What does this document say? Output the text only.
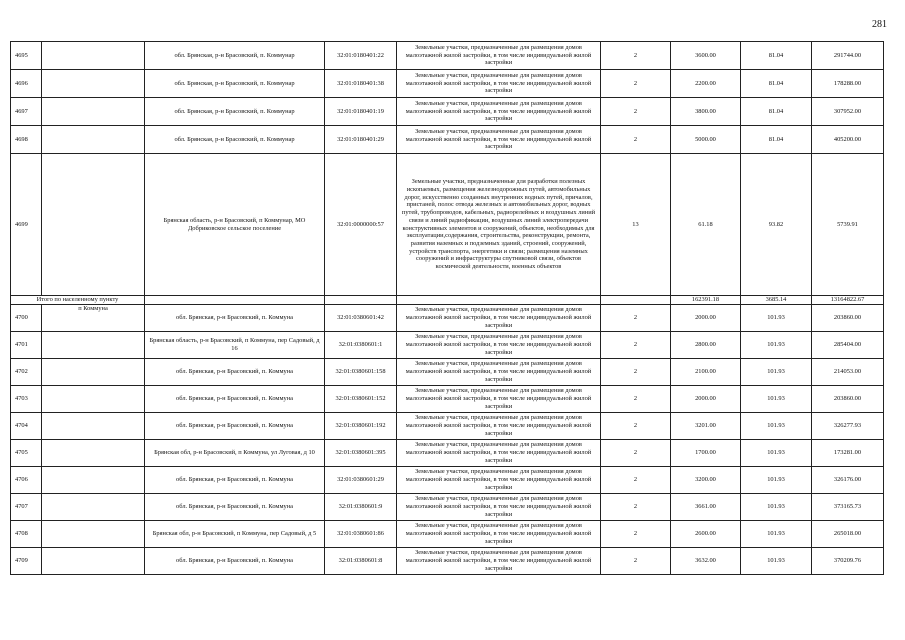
281
4695		обл. Брянская, р-н Брасовский, п. Коммунар	32:01:0180401:22	Земельные участки, предназначенные для размещения домов малоэтажной жилой застройки, в том числе индивидуальной жилой застройки	2	3600.00	81.04	291744.00
4696		обл. Брянская, р-н Брасовский, п. Коммунар	32:01:0180401:38	Земельные участки, предназначенные для размещения домов малоэтажной жилой застройки, в том числе индивидуальной жилой застройки	2	2200.00	81.04	178288.00
4697		обл. Брянская, р-н Брасовский, п. Коммунар	32:01:0180401:19	Земельные участки, предназначенные для размещения домов малоэтажной жилой застройки, в том числе индивидуальной жилой застройки	2	3800.00	81.04	307952.00
4698		обл. Брянская, р-н Брасовский, п. Коммунар	32:01:0180401:29	Земельные участки, предназначенные для размещения домов малоэтажной жилой застройки, в том числе индивидуальной жилой застройки	2	5000.00	81.04	405200.00
4699		Брянская область, р-н Брасовский, п Коммунар, МО Добриковское сельское поселение	32:01:0000000:57	Земельные участки, предназначенные для разработки полезных ископаемых, размещения железнодорожных путей, автомобильных дорог, искусственно созданных внутренних водных путей, причалов, пристаней, полос отвода железных и автомобильных дорог, водных путей, трубопроводов, кабельных, радиорелейных и воздушных линий связи и линий радиофикации, воздушных линий электропередачи конструктивных элементов и сооружений, объектов, необходимых для эксплуатации,содержания, строительства, реконструкции, ремонта, развития наземных и подземных зданий, строений, сооружений, устройств транспорта, энергетики и связи; размещения наземных сооружений и инфраструктуры спутниковой связи, объектов космической деятельности, военных объектов	13	61.18	93.82	5739.91
Итого по населенному пункту						162391.18	3685.14	13164822.67
4700	п Коммуна	обл. Брянская, р-н Брасовский, п. Коммуна	32:01:0380601:42	Земельные участки, предназначенные для размещения домов малоэтажной жилой застройки, в том числе индивидуальной жилой застройки	2	2000.00	101.93	203860.00
4701		Брянская область, р-н Брасовский, п Коммуна, пер Садовый, д 16	32:01:0380601:1	Земельные участки, предназначенные для размещения домов малоэтажной жилой застройки, в том числе индивидуальной жилой застройки	2	2800.00	101.93	285404.00
4702		обл. Брянская, р-н Брасовский, п. Коммуна	32:01:0380601:158	Земельные участки, предназначенные для размещения домов малоэтажной жилой застройки, в том числе индивидуальной жилой застройки	2	2100.00	101.93	214053.00
4703		обл. Брянская, р-н Брасовский, п. Коммуна	32:01:0380601:152	Земельные участки, предназначенные для размещения домов малоэтажной жилой застройки, в том числе индивидуальной жилой застройки	2	2000.00	101.93	203860.00
4704		обл. Брянская, р-н Брасовский, п. Коммуна	32:01:0380601:192	Земельные участки, предназначенные для размещения домов малоэтажной жилой застройки, в том числе индивидуальной жилой застройки	2	3201.00	101.93	326277.93
4705		Брянская обл, р-н Брасовский, п Коммуна, ул Луговая, д 10	32:01:0380601:395	Земельные участки, предназначенные для размещения домов малоэтажной жилой застройки, в том числе индивидуальной жилой застройки	2	1700.00	101.93	173281.00
4706		обл. Брянская, р-н Брасовский, п. Коммуна	32:01:0380601:29	Земельные участки, предназначенные для размещения домов малоэтажной жилой застройки, в том числе индивидуальной жилой застройки	2	3200.00	101.93	326176.00
4707		обл. Брянская, р-н Брасовский, п. Коммуна	32:01:0380601:9	Земельные участки, предназначенные для размещения домов малоэтажной жилой застройки, в том числе индивидуальной жилой застройки	2	3661.00	101.93	373165.73
4708		Брянская обл, р-н Брасовский, п Коммуна, пер Садовый, д 5	32:01:0380601:86	Земельные участки, предназначенные для размещения домов малоэтажной жилой застройки, в том числе индивидуальной жилой застройки	2	2600.00	101.93	265018.00
4709		обл. Брянская, р-н Брасовский, п. Коммуна	32:01:0380601:8	Земельные участки, предназначенные для размещения домов малоэтажной жилой застройки, в том числе индивидуальной жилой застройки	2	3632.00	101.93	370209.76
